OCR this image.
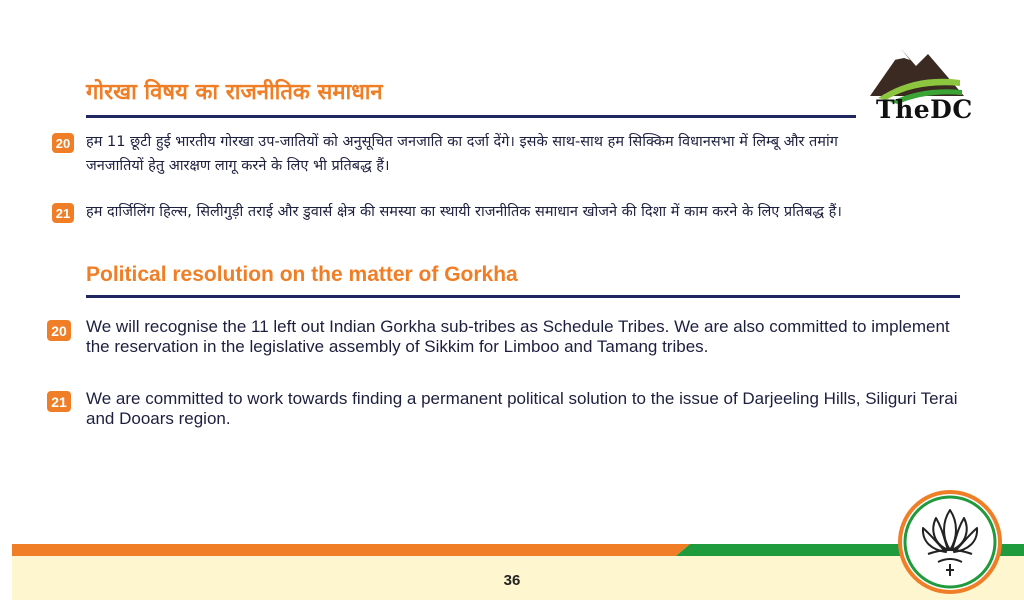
TheDC
गोरखा विषय का राजनीतिक समाधान
20 हम 11 छूटी हुई भारतीय गोरखा उप-जातियों को अनुसूचित जनजाति का दर्जा देंगे। इसके साथ-साथ हम सिक्किम विधानसभा में लिम्बू और तमांग जनजातियों हेतु आरक्षण लागू करने के लिए भी प्रतिबद्ध हैं।
21 हम दार्जिलिंग हिल्स, सिलीगुड़ी तराई और डुवार्स क्षेत्र की समस्या का स्थायी राजनीतिक समाधान खोजने की दिशा में काम करने के लिए प्रतिबद्ध हैं।
Political resolution on the matter of Gorkha
20 We will recognise the 11 left out Indian Gorkha sub-tribes as Schedule Tribes. We are also committed to implement the reservation in the legislative assembly of Sikkim for Limboo and Tamang tribes.
21 We are committed to work towards finding a permanent political solution to the issue of Darjeeling Hills, Siliguri Terai and Dooars region.
36
